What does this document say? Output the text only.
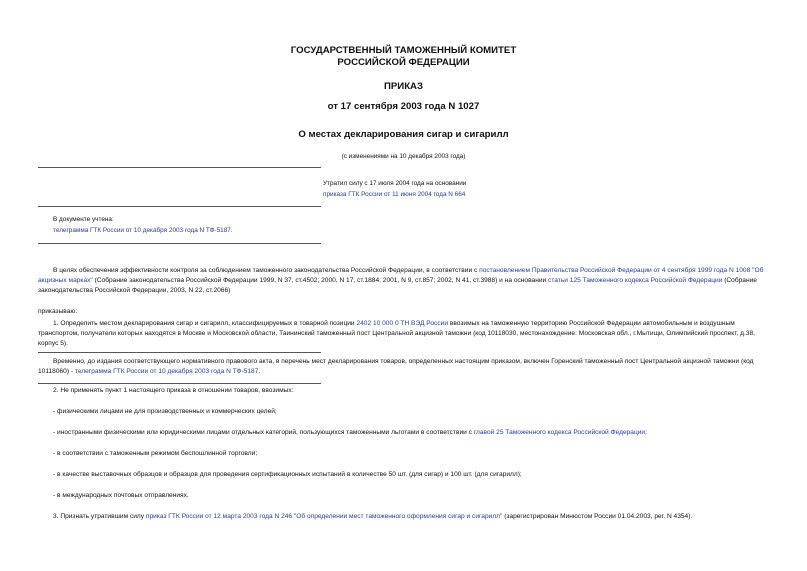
ГОСУДАРСТВЕННЫЙ ТАМОЖЕННЫЙ КОМИТЕТ
РОССИЙСКОЙ ФЕДЕРАЦИИ
ПРИКАЗ
от 17 сентября 2003 года N 1027
О местах декларирования сигар и сигарилл
(с изменениями на 10 декабря 2003 года)
Утратил силу с 17 июля 2004 года на основании
приказа ГТК России от 11 июня 2004 года N 664
В документе учтена:
телеграмма ГТК России от 10 декабря 2003 года N ТФ-5187.
В целях обеспечения эффективности контроля за соблюдением таможенного законодательства Российской Федерации, в соответствии с постановлением Правительства Российской Федерации от 4 сентября 1999 года N 1008 "Об акцизных марках" (Собрание законодательства Российской Федерации 1999, N 37, ст.4502; 2000, N 17, ст.1884; 2001, N 9, ст.857; 2002, N 41, ст.3988) и на основании статьи 125 Таможенного кодекса Российской Федерации (Собрание законодательства Российской Федерации, 2003, N 22, ст.2066)
приказываю:
1. Определить местом декларирования сигар и сигарилл, классифицируемых в товарной позиции 2402 10 000 0 ТН ВЭД России ввозимых на таможенную территорию Российской Федерации автомобильным и воздушным транспортом, получатели которых находятся в Москве и Московской области, Таининский таможенный пост Центральной акцизной таможни (код 10118030, местонахождение: Московская обл., г.Мытищи, Олимпийский проспект, д.38, корпус 5).
Временно, до издания соответствующего нормативного правового акта, в перечень мест декларирования товаров, определенных настоящим приказом, включен Горенский таможенный пост Центральной акцизной таможни (код 10118060) - телеграмма ГТК России от 10 декабря 2003 года N ТФ-5187.
2. Не применять пункт 1 настоящего приказа в отношении товаров, ввозимых:
- физическими лицами не для производственных и коммерческих целей;
- иностранными физическими или юридическими лицами отдельных категорий, пользующихся таможенными льготами в соответствии с главой 25 Таможенного кодекса Российской Федерации;
- в соответствии с таможенным режимом беспошлинной торговли;
- в качестве выставочных образцов и образцов для проведения сертификационных испытаний в количестве 50 шт. (для сигар) и 100 шт. (для сигарилл);
- в международных почтовых отправлениях.
3. Признать утратившим силу приказ ГТК России от 12 марта 2003 года N 246 "Об определении мест таможенного оформления сигар и сигарилл" (зарегистрирован Минюстом России 01.04.2003, рег. N 4354).
